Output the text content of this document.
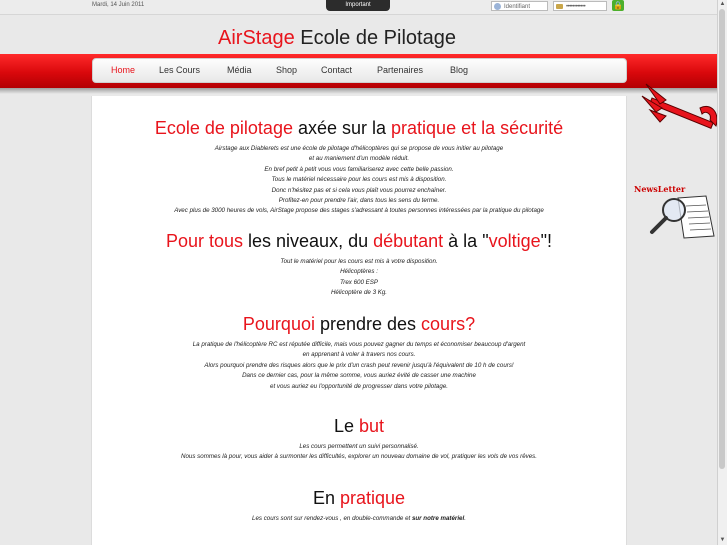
Mardi, 14 Juin 2011	Important	Identifiant	••••••••••••	🔒
AirStage Ecole de Pilotage
Home	Les Cours	Média	Shop	Contact	Partenaires	Blog
NewsLetter
▲
▼
Ecole de pilotage axée sur la pratique et la sécurité
Airstage aux Diablerets est une école de pilotage d'hélicoptères qui se propose de vous initier au pilotage
et au maniement d'un modèle réduit.
En bref petit à petit vous vous familiariserez avec cette belle passion.
Tous le matériel nécessaire pour les cours est mis à disposition.
Donc n'hésitez pas et si cela vous plaît vous pourrez enchaîner.
Profitez-en pour prendre l'air, dans tous les sens du terme.
Avec plus de 3000 heures de vols, AirStage propose des stages s'adressant à toutes personnes intéressées par la pratique du pilotage
Pour tous les niveaux, du débutant à la "voltige"!
Tout le matériel pour les cours est mis à votre disposition.
Hélicoptères :
Trex 600 ESP
Hélicoptère de 3 Kg.
Pourquoi prendre des cours?
La pratique de l'hélicoptère RC est réputée difficile, mais vous pouvez gagner du temps et économiser beaucoup d'argent
en apprenant à voler à travers nos cours.
Alors pourquoi prendre des risques alors que le prix d'un crash peut revenir jusqu'à l'équivalent de 10 h de cours!
Dans ce dernier cas, pour la même somme, vous auriez évité de casser une machine
et vous auriez eu l'opportunité de progresser dans votre pilotage.
Le but
Les cours permettent un suivi personnalisé.
Nous sommes là pour, vous aider à surmonter les difficultés, explorer un nouveau domaine de vol, pratiquer les vols de vos rêves.
En pratique
Les cours sont sur rendez-vous , en double-commande et sur notre matériel.
